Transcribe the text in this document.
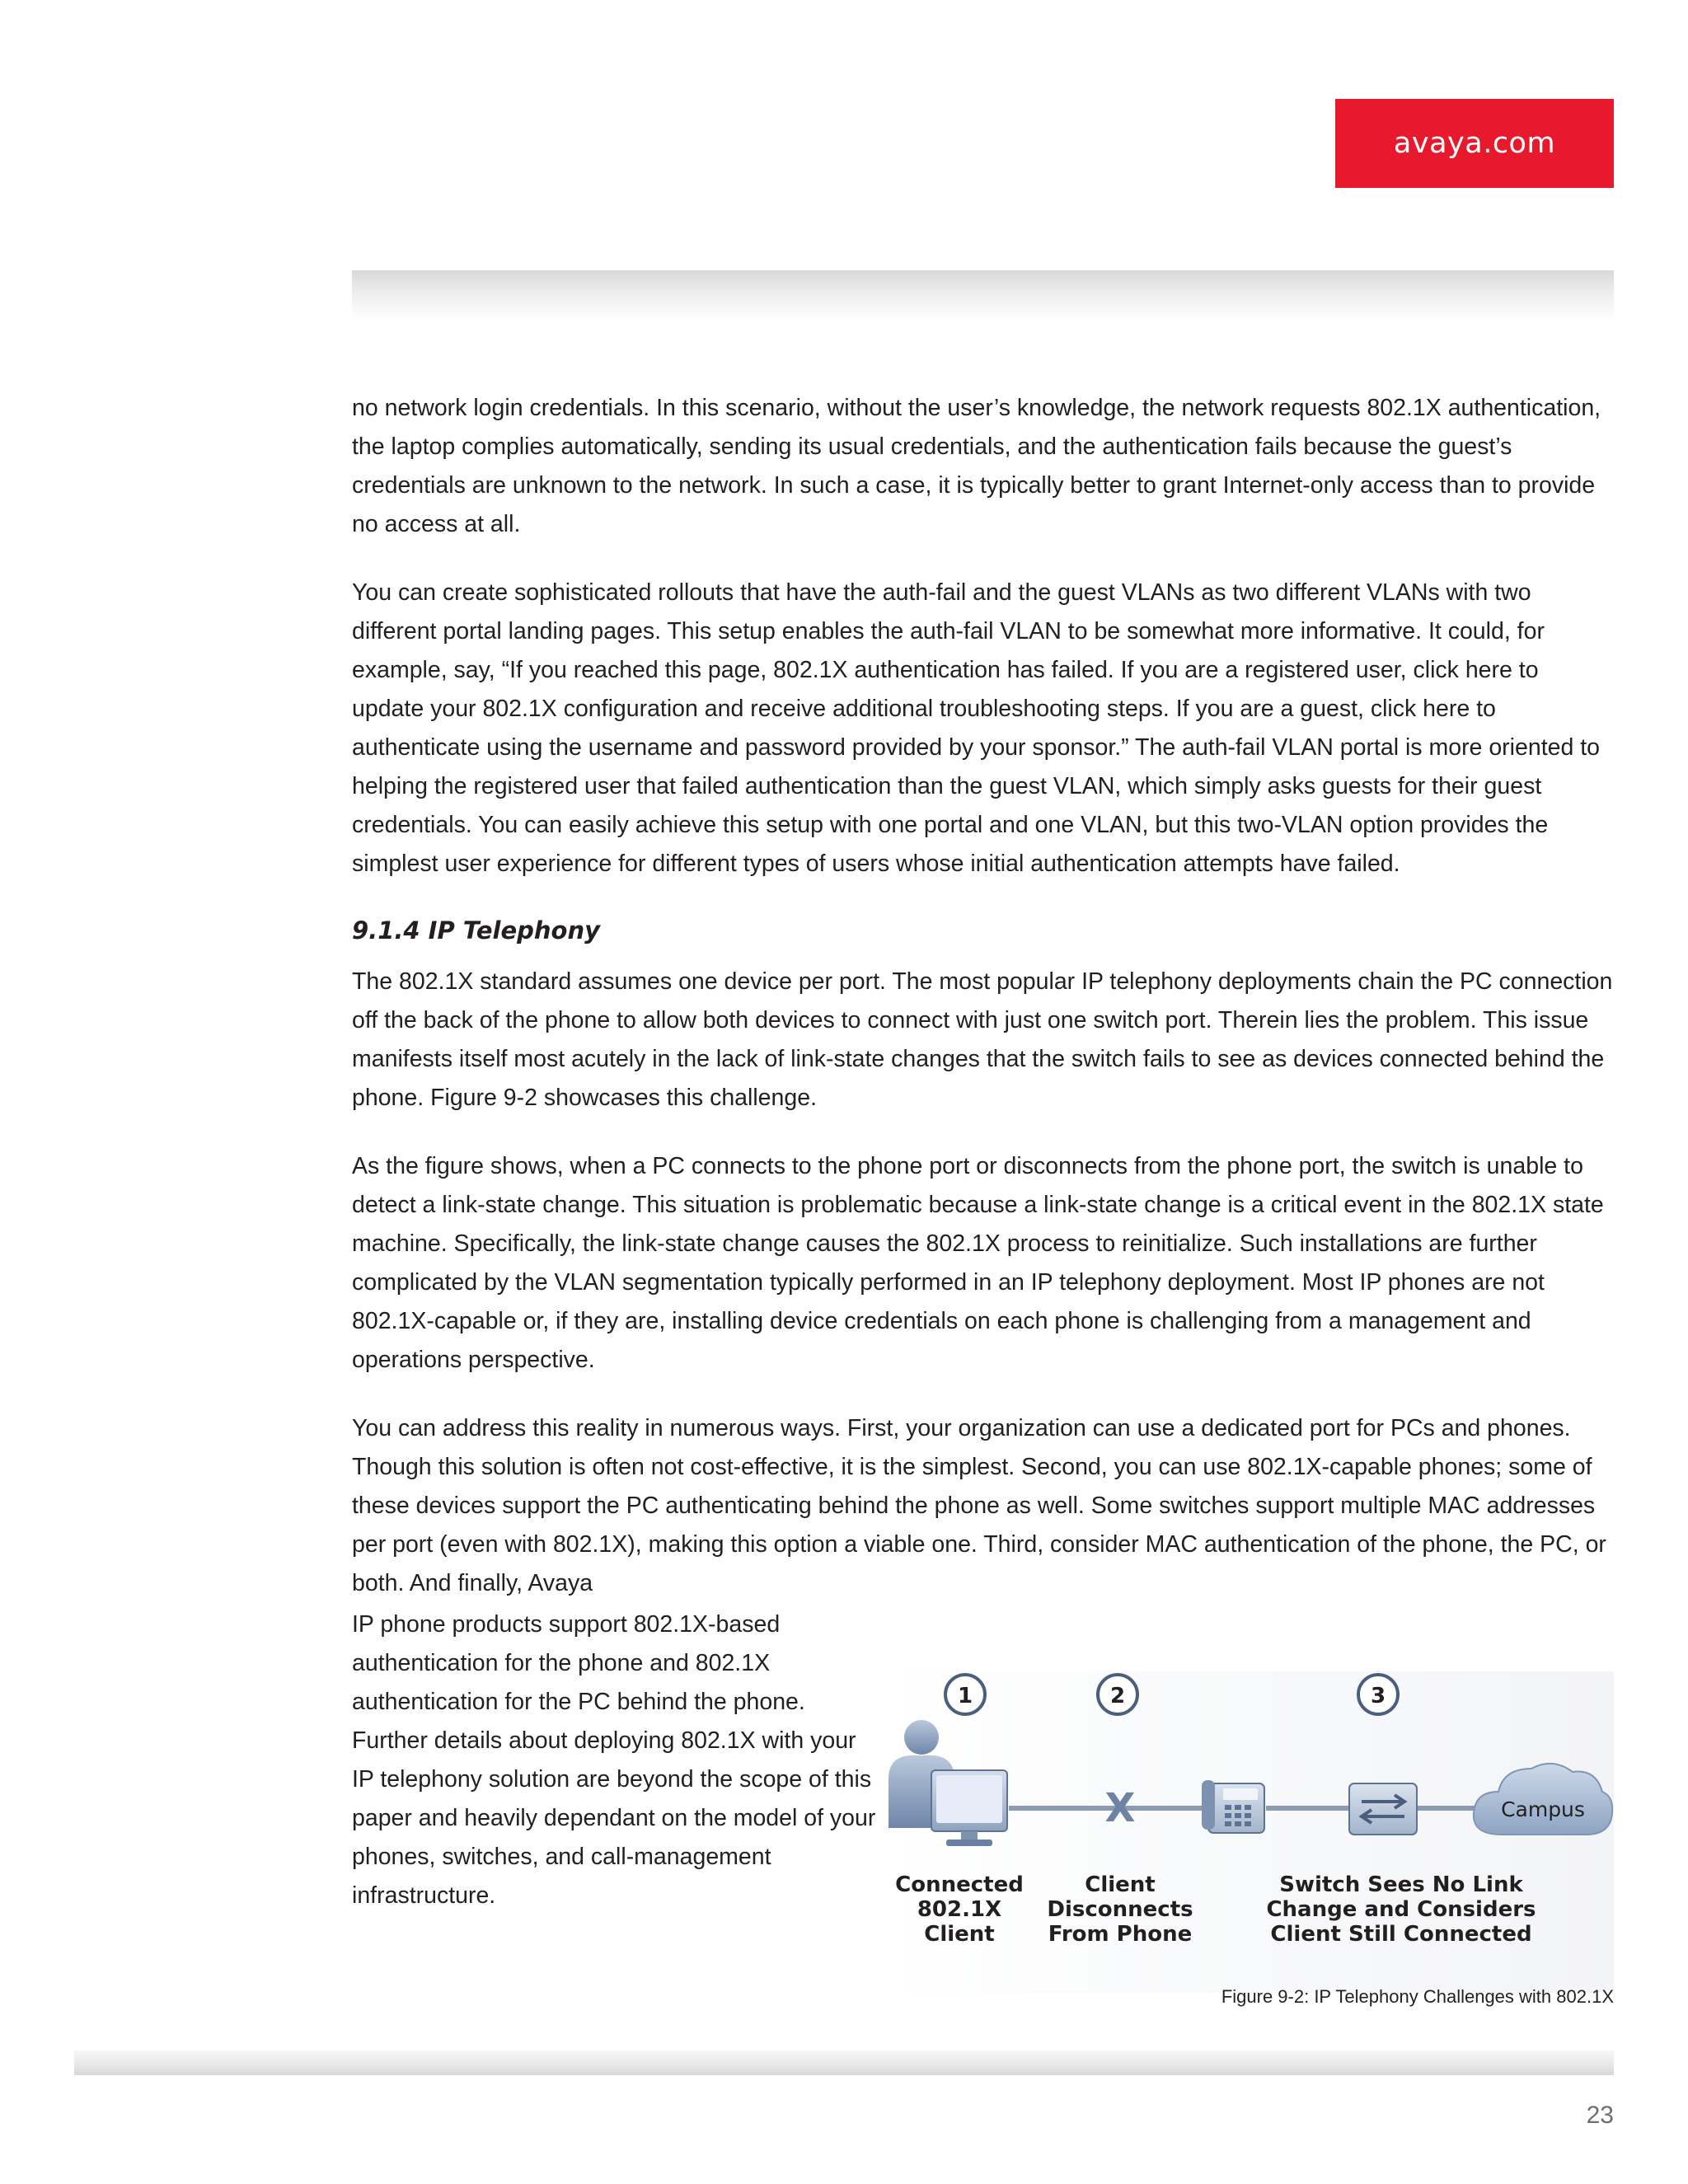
avaya.com

no network login credentials. In this scenario, without the user’s knowledge, the network requests 802.1X authentication, the laptop complies automatically, sending its usual credentials, and the authentication fails because the guest’s credentials are unknown to the network. In such a case, it is typically better to grant Internet-only access than to provide no access at all.

You can create sophisticated rollouts that have the auth-fail and the guest VLANs as two different VLANs with two different portal landing pages. This setup enables the auth-fail VLAN to be somewhat more informative. It could, for example, say, “If you reached this page, 802.1X authentication has failed. If you are a registered user, click here to update your 802.1X configuration and receive additional troubleshooting steps. If you are a guest, click here to authenticate using the username and password provided by your sponsor.” The auth-fail VLAN portal is more oriented to helping the registered user that failed authentication than the guest VLAN, which simply asks guests for their guest credentials. You can easily achieve this setup with one portal and one VLAN, but this two-VLAN option provides the simplest user experience for different types of users whose initial authentication attempts have failed.

9.1.4 IP Telephony

The 802.1X standard assumes one device per port. The most popular IP telephony deployments chain the PC connection off the back of the phone to allow both devices to connect with just one switch port. Therein lies the problem. This issue manifests itself most acutely in the lack of link-state changes that the switch fails to see as devices connected behind the phone. Figure 9-2 showcases this challenge.

As the figure shows, when a PC connects to the phone port or disconnects from the phone port, the switch is unable to detect a link-state change. This situation is problematic because a link-state change is a critical event in the 802.1X state machine. Specifically, the link-state change causes the 802.1X process to reinitialize. Such installations are further complicated by the VLAN segmentation typically performed in an IP telephony deployment. Most IP phones are not 802.1X-capable or, if they are, installing device credentials on each phone is challenging from a management and operations perspective.

You can address this reality in numerous ways. First, your organization can use a dedicated port for PCs and phones. Though this solution is often not cost-effective, it is the simplest. Second, you can use 802.1X-capable phones; some of these devices support the PC authenticating behind the phone as well. Some switches support multiple MAC addresses per port (even with 802.1X), making this option a viable one. Third, consider MAC authentication of the phone, the PC, or both. And finally, Avaya

IP phone products support 802.1X-based authentication for the phone and 802.1X authentication for the PC behind the phone. Further details about deploying 802.1X with your IP telephony solution are beyond the scope of this paper and heavily dependant on the model of your phones, switches, and call-management infrastructure.

1	2	3
X	Campus
Connected
802.1X
Client
Client
Disconnects
From Phone
Switch Sees No Link
Change and Considers
Client Still Connected
Figure 9-2: IP Telephony Challenges with 802.1X
23
